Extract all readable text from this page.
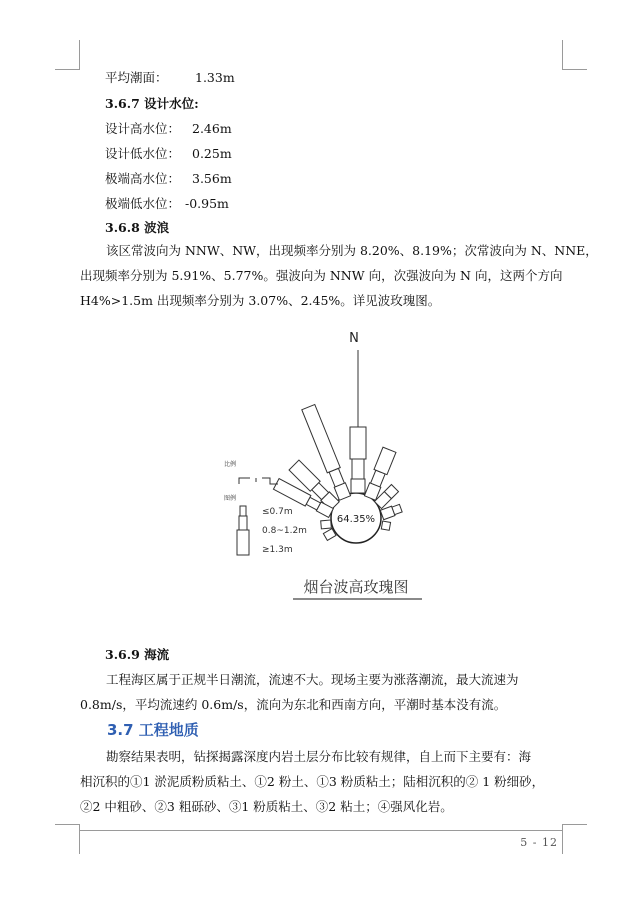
平均潮面： 1.33m
3.6.7 设计水位:
设计高水位： 2.46m
设计低水位： 0.25m
极端高水位： 3.56m
极端低水位： -0.95m
3.6.8 波浪
该区常波向为 NNW、NW，出现频率分别为 8.20%、8.19%；次常波向为 N、NNE，
出现频率分别为 5.91%、5.77%。强波向为 NNW 向，次强波向为 N 向，这两个方向
H4%>1.5m 出现频率分别为 3.07%、2.45%。详见波玫瑰图。
N
64.35%
比例
图例
≤0.7m
0.8~1.2m
≥1.3m
烟台波高玫瑰图
3.6.9 海流
工程海区属于正规半日潮流，流速不大。现场主要为涨落潮流，最大流速为
0.8m/s，平均流速约 0.6m/s，流向为东北和西南方向，平潮时基本没有流。
3.7 工程地质
勘察结果表明，钻探揭露深度内岩土层分布比较有规律，自上而下主要有：海
相沉积的①1 淤泥质粉质粘土、①2 粉土、①3 粉质粘土；陆相沉积的② 1 粉细砂，
②2 中粗砂、②3 粗砾砂、③1 粉质粘土、③2 粘土；④强风化岩。
5 - 12
